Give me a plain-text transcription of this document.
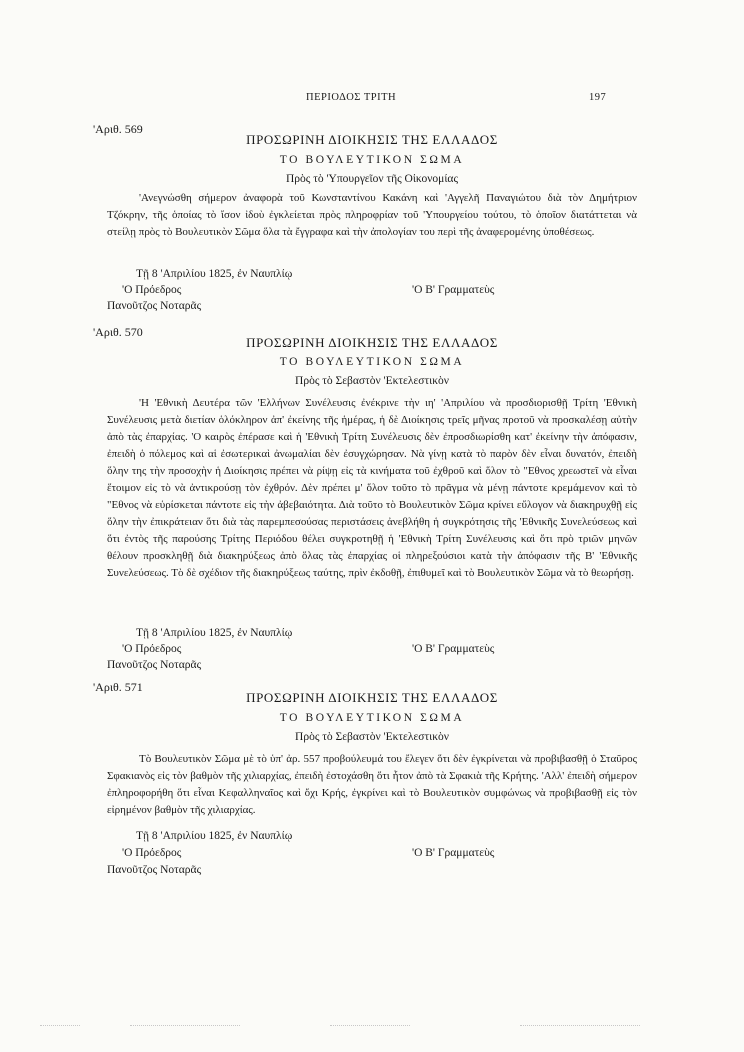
ΠΕΡΙΟΔΟΣ ΤΡΙΤΗ	197
'Αριθ. 569
ΠΡΟΣΩΡΙΝΗ ΔΙΟΙΚΗΣΙΣ ΤΗΣ ΕΛΛΑΔΟΣ
ΤΟ ΒΟΥΛΕΥΤΙΚΟΝ ΣΩΜΑ
Πρὸς τὸ 'Υπουργεῖον τῆς Οἰκονομίας

'Ανεγνώσθη σήμερον ἀναφορὰ τοῦ Κωνσταντίνου Κακάνη καὶ 'Αγγελῆ Παναγιώτου διὰ τὸν Δημήτριον Τζόκρην, τῆς ὁποίας τὸ ἴσον ἰδοὺ ἐγκλείεται πρὸς πληροφρίαν τοῦ 'Υπουργείου τούτου, τὸ ὁποῖον διατάττεται νὰ στείλῃ πρὸς τὸ Βουλευτικὸν Σῶμα ὅλα τὰ ἔγγραφα καὶ τὴν ἀπολογίαν του περὶ τῆς ἀναφερομένης ὑποθέσεως.

Τῇ 8 'Απριλίου 1825, ἐν Ναυπλίῳ
'Ο Πρόεδρος	'Ο Β' Γραμματεὺς
Πανοῦτζος Νοταρᾶς
'Αριθ. 570
ΠΡΟΣΩΡΙΝΗ ΔΙΟΙΚΗΣΙΣ ΤΗΣ ΕΛΛΑΔΟΣ
ΤΟ ΒΟΥΛΕΥΤΙΚΟΝ ΣΩΜΑ
Πρὸς τὸ Σεβαστὸν 'Εκτελεστικὸν

'Η 'Εθνικὴ Δευτέρα τῶν 'Ελλήνων Συνέλευσις ἐνέκρινε τὴν ιη' 'Απριλίου νὰ προσδιορισθῇ Τρίτη 'Εθνικὴ Συνέλευσις μετὰ διετίαν ὁλόκληρον ἀπ' ἐκείνης τῆς ἡμέρας, ἡ δὲ Διοίκησις τρεῖς μῆνας προτοῦ νὰ προσκαλέσῃ αὐτὴν ἀπὸ τὰς ἐπαρχίας. 'Ο καιρὸς ἐπέρασε καὶ ἡ 'Εθνικὴ Τρίτη Συνέλευσις δὲν ἐπροσδιωρίσθη κατ' ἐκείνην τὴν ἀπόφασιν, ἐπειδὴ ὁ πόλεμος καὶ αἱ ἐσωτερικαὶ ἀνωμαλίαι δὲν ἐσυγχώρησαν. Νὰ γίνῃ κατὰ τὸ παρὸν δὲν εἶναι δυνατόν, ἐπειδὴ ὅλην της τὴν προσοχὴν ἡ Διοίκησις πρέπει νὰ ρίψῃ εἰς τὰ κινήματα τοῦ ἐχθροῦ καὶ ὅλον τὸ "Εθνος χρεωστεῖ νὰ εἶναι ἕτοιμον εἰς τὸ νὰ ἀντικρούσῃ τὸν ἐχθρόν. Δὲν πρέπει μ' ὅλον τοῦτο τὸ πρᾶγμα νὰ μένῃ πάντοτε κρεμάμενον καὶ τὸ "Εθνος νὰ εὑρίσκεται πάντοτε εἰς τὴν ἀβεβαιότητα. Διὰ τοῦτο τὸ Βουλευτικὸν Σῶμα κρίνει εὔλογον νὰ διακηρυχθῇ εἰς ὅλην τὴν ἐπικράτειαν ὅτι διὰ τὰς παρεμπεσούσας περιστάσεις ἀνεβλήθη ἡ συγκρότησις τῆς 'Εθνικῆς Συνελεύσεως καὶ ὅτι ἐντὸς τῆς παρούσης Τρίτης Περιόδου θέλει συγκροτηθῇ ἡ 'Εθνικὴ Τρίτη Συνέλευσις καὶ ὅτι πρὸ τριῶν μηνῶν θέλουν προσκληθῇ διὰ διακηρύξεως ἀπὸ ὅλας τὰς ἐπαρχίας οἱ πληρεξούσιοι κατὰ τὴν ἀπόφασιν τῆς Β' 'Εθνικῆς Συνελεύσεως. Τὸ δὲ σχέδιον τῆς διακηρύξεως ταύτης, πρὶν ἐκδοθῇ, ἐπιθυμεῖ καὶ τὸ Βουλευτικὸν Σῶμα νὰ τὸ θεωρήσῃ.

Τῇ 8 'Απριλίου 1825, ἐν Ναυπλίῳ
'Ο Πρόεδρος	'Ο Β' Γραμματεὺς
Πανοῦτζος Νοταρᾶς
'Αριθ. 571
ΠΡΟΣΩΡΙΝΗ ΔΙΟΙΚΗΣΙΣ ΤΗΣ ΕΛΛΑΔΟΣ
ΤΟ ΒΟΥΛΕΥΤΙΚΟΝ ΣΩΜΑ
Πρὸς τὸ Σεβαστὸν 'Εκτελεστικὸν

Τὸ Βουλευτικὸν Σῶμα μὲ τὸ ὑπ' ἀρ. 557 προβούλευμά του ἔλεγεν ὅτι δὲν ἐγκρίνεται νὰ προβιβασθῇ ὁ Σταῦρος Σφακιανὸς εἰς τὸν βαθμὸν τῆς χιλιαρχίας, ἐπειδὴ ἐστοχάσθη ὅτι ἦτον ἀπὸ τὰ Σφακιὰ τῆς Κρήτης. 'Αλλ' ἐπειδὴ σήμερον ἐπληροφορήθη ὅτι εἶναι Κεφαλληναῖος καὶ ὄχι Κρής, ἐγκρίνει καὶ τὸ Βουλευτικὸν συμφώνως νὰ προβιβασθῇ εἰς τὸν εἰρημένον βαθμὸν τῆς χιλιαρχίας.

Τῇ 8 'Απριλίου 1825, ἐν Ναυπλίῳ
'Ο Πρόεδρος	'Ο Β' Γραμματεὺς
Πανοῦτζος Νοταρᾶς
